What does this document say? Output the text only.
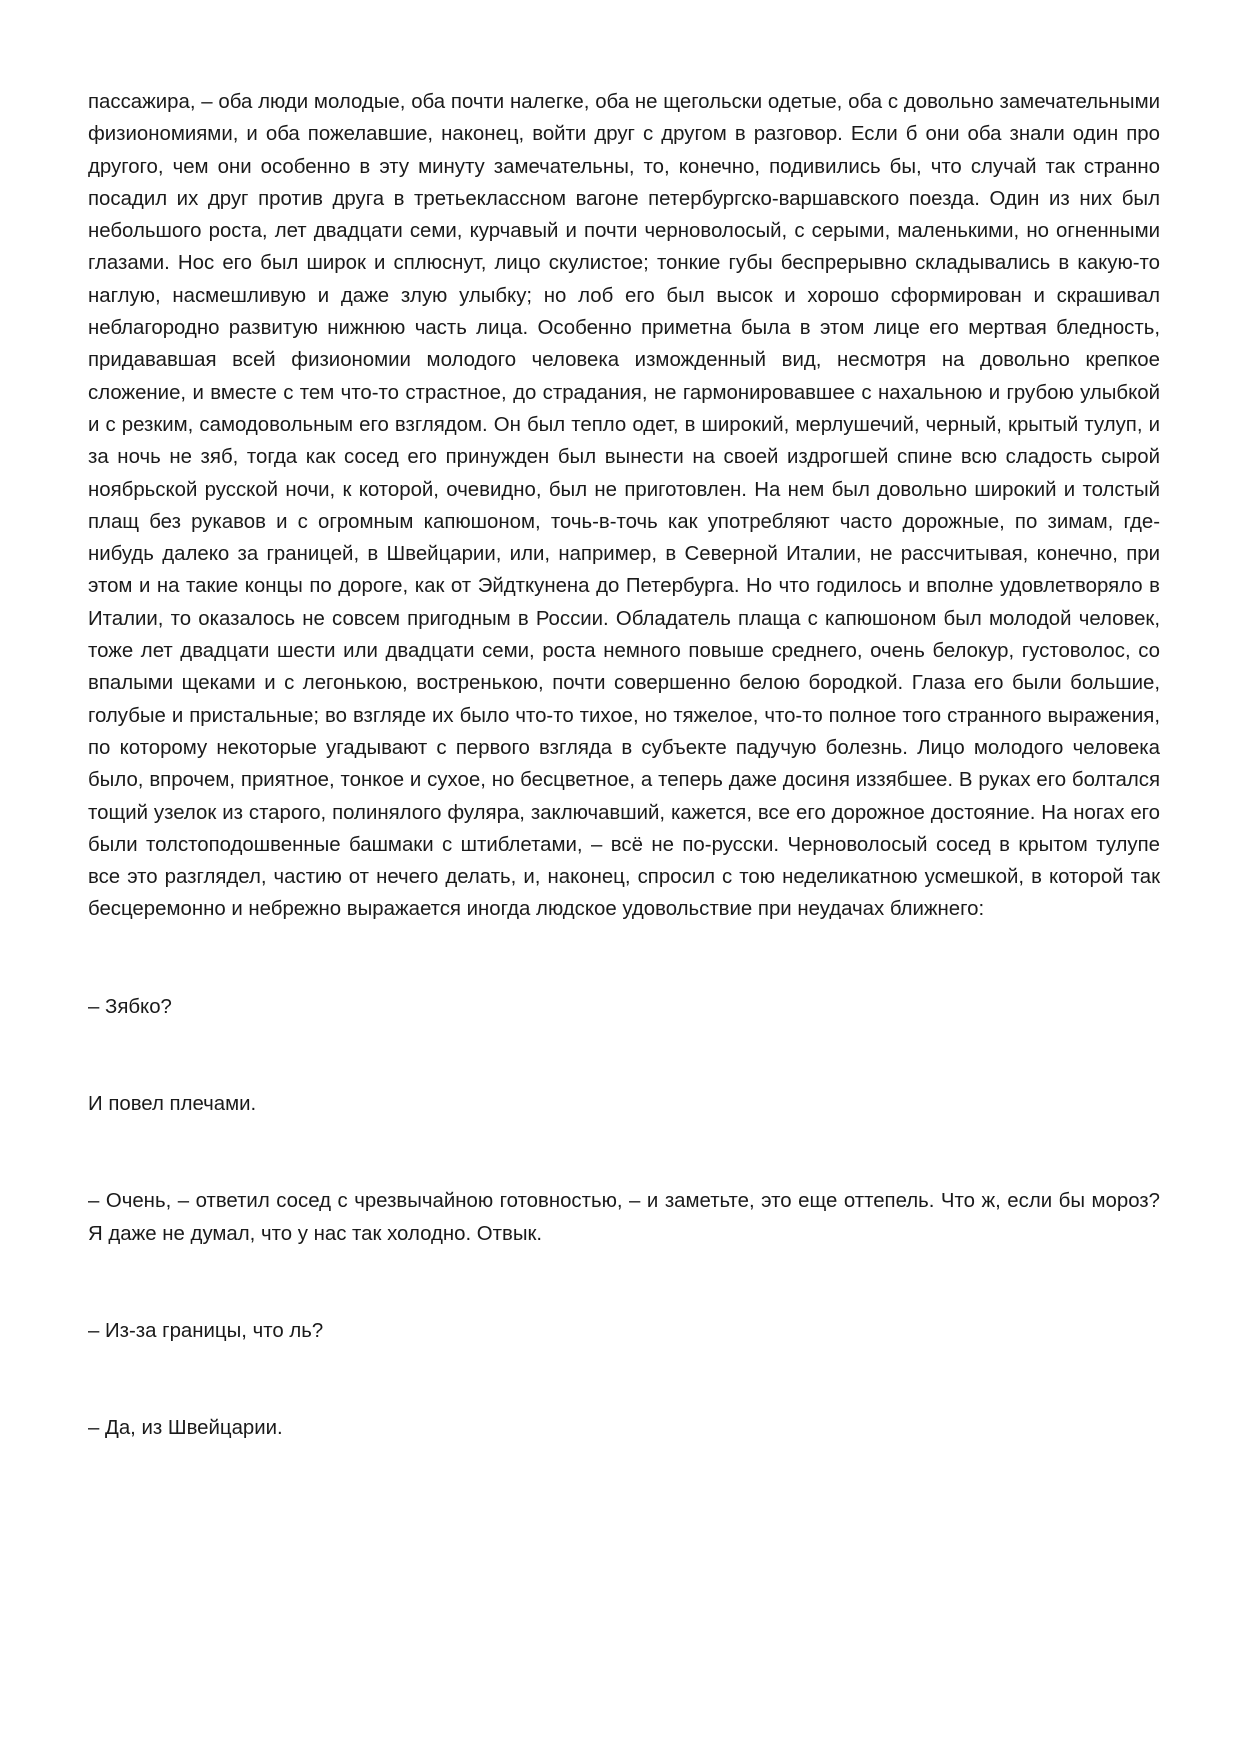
пассажира, – оба люди молодые, оба почти налегке, оба не щегольски одетые, оба с довольно замечательными физиономиями, и оба пожелавшие, наконец, войти друг с другом в разговор. Если б они оба знали один про другого, чем они особенно в эту минуту замечательны, то, конечно, подивились бы, что случай так странно посадил их друг против друга в третьеклассном вагоне петербургско-варшавского поезда. Один из них был небольшого роста, лет двадцати семи, курчавый и почти черноволосый, с серыми, маленькими, но огненными глазами. Нос его был широк и сплюснут, лицо скулистое; тонкие губы беспрерывно складывались в какую-то наглую, насмешливую и даже злую улыбку; но лоб его был высок и хорошо сформирован и скрашивал неблагородно развитую нижнюю часть лица. Особенно приметна была в этом лице его мертвая бледность, придававшая всей физиономии молодого человека изможденный вид, несмотря на довольно крепкое сложение, и вместе с тем что-то страстное, до страдания, не гармонировавшее с нахальною и грубою улыбкой и с резким, самодовольным его взглядом. Он был тепло одет, в широкий, мерлушечий, черный, крытый тулуп, и за ночь не зяб, тогда как сосед его принужден был вынести на своей издрогшей спине всю сладость сырой ноябрьской русской ночи, к которой, очевидно, был не приготовлен. На нем был довольно широкий и толстый плащ без рукавов и с огромным капюшоном, точь-в-точь как употребляют часто дорожные, по зимам, где-нибудь далеко за границей, в Швейцарии, или, например, в Северной Италии, не рассчитывая, конечно, при этом и на такие концы по дороге, как от Эйдткунена до Петербурга. Но что годилось и вполне удовлетворяло в Италии, то оказалось не совсем пригодным в России. Обладатель плаща с капюшоном был молодой человек, тоже лет двадцати шести или двадцати семи, роста немного повыше среднего, очень белокур, густоволос, со впалыми щеками и с легонькою, востренькою, почти совершенно белою бородкой. Глаза его были большие, голубые и пристальные; во взгляде их было что-то тихое, но тяжелое, что-то полное того странного выражения, по которому некоторые угадывают с первого взгляда в субъекте падучую болезнь. Лицо молодого человека было, впрочем, приятное, тонкое и сухое, но бесцветное, а теперь даже досиня иззябшее. В руках его болтался тощий узелок из старого, полинялого фуляра, заключавший, кажется, все его дорожное достояние. На ногах его были толстоподошвенные башмаки с штиблетами, – всё не по-русски. Черноволосый сосед в крытом тулупе все это разглядел, частию от нечего делать, и, наконец, спросил с тою неделикатною усмешкой, в которой так бесцеремонно и небрежно выражается иногда людское удовольствие при неудачах ближнего:

– Зябко?

И повел плечами.

– Очень, – ответил сосед с чрезвычайною готовностью, – и заметьте, это еще оттепель. Что ж, если бы мороз? Я даже не думал, что у нас так холодно. Отвык.

– Из-за границы, что ль?

– Да, из Швейцарии.
